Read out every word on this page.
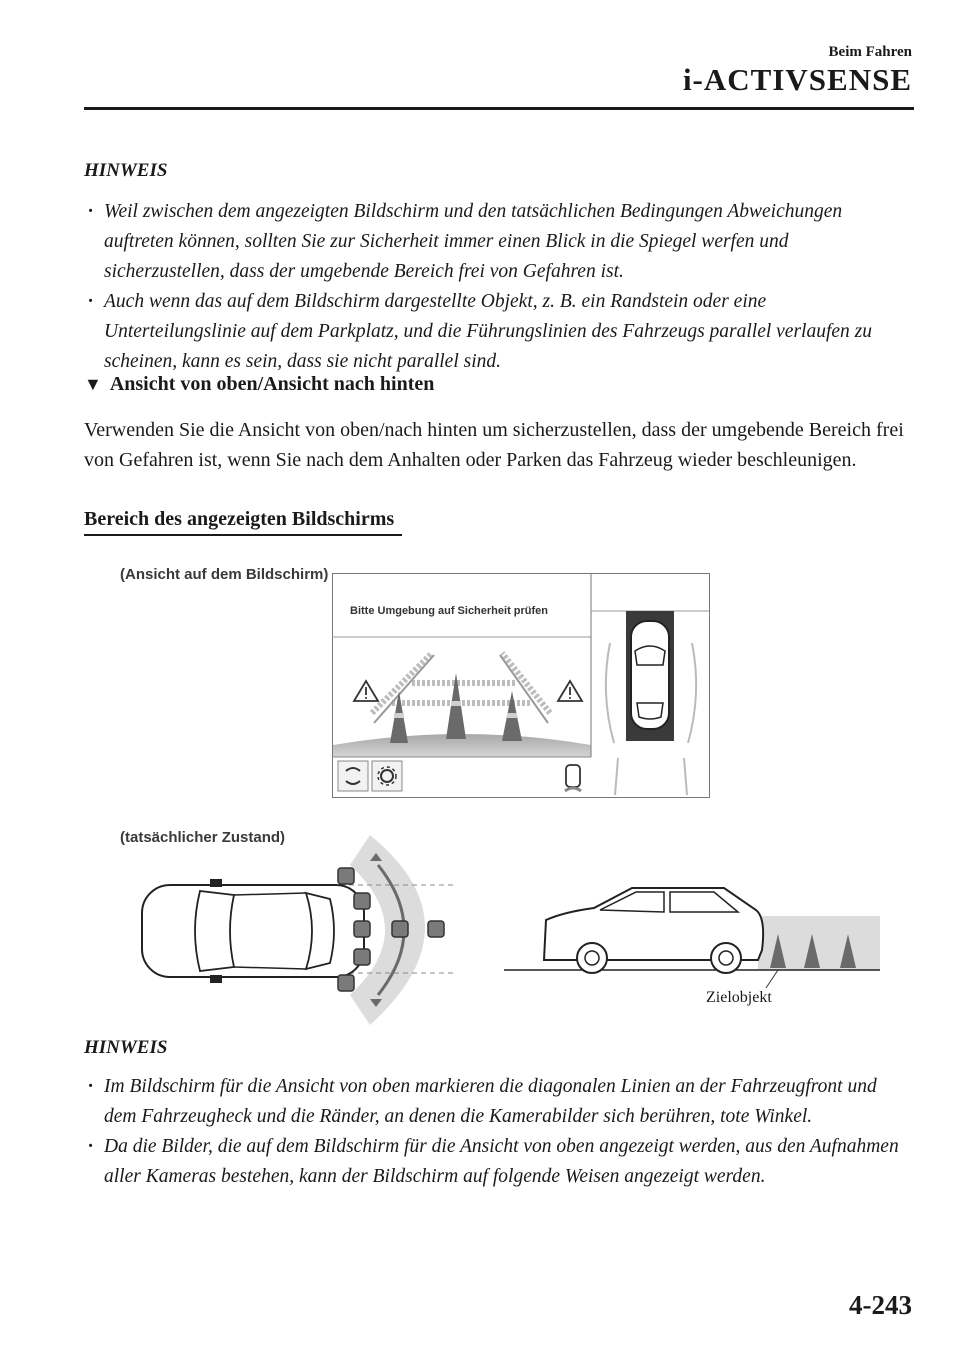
Beim Fahren
i-ACTIVSENSE
HINWEIS
· Weil zwischen dem angezeigten Bildschirm und den tatsächlichen Bedingungen Abweichungen auftreten können, sollten Sie zur Sicherheit immer einen Blick in die Spiegel werfen und sicherzustellen, dass der umgebende Bereich frei von Gefahren ist.
· Auch wenn das auf dem Bildschirm dargestellte Objekt, z. B. ein Randstein oder eine Unterteilungslinie auf dem Parkplatz, und die Führungslinien des Fahrzeugs parallel verlaufen zu scheinen, kann es sein, dass sie nicht parallel sind.
▼ Ansicht von oben/Ansicht nach hinten

Verwenden Sie die Ansicht von oben/nach hinten um sicherzustellen, dass der umgebende Bereich frei von Gefahren ist, wenn Sie nach dem Anhalten oder Parken das Fahrzeug wieder beschleunigen.

Bereich des angezeigten Bildschirms
(Ansicht auf dem Bildschirm)
(tatsächlicher Zustand)
Bitte Umgebung auf Sicherheit prüfen
Zielobjekt
HINWEIS
· Im Bildschirm für die Ansicht von oben markieren die diagonalen Linien an der Fahrzeugfront und dem Fahrzeugheck und die Ränder, an denen die Kamerabilder sich berühren, tote Winkel.
· Da die Bilder, die auf dem Bildschirm für die Ansicht von oben angezeigt werden, aus den Aufnahmen aller Kameras bestehen, kann der Bildschirm auf folgende Weisen angezeigt werden.
4-243
